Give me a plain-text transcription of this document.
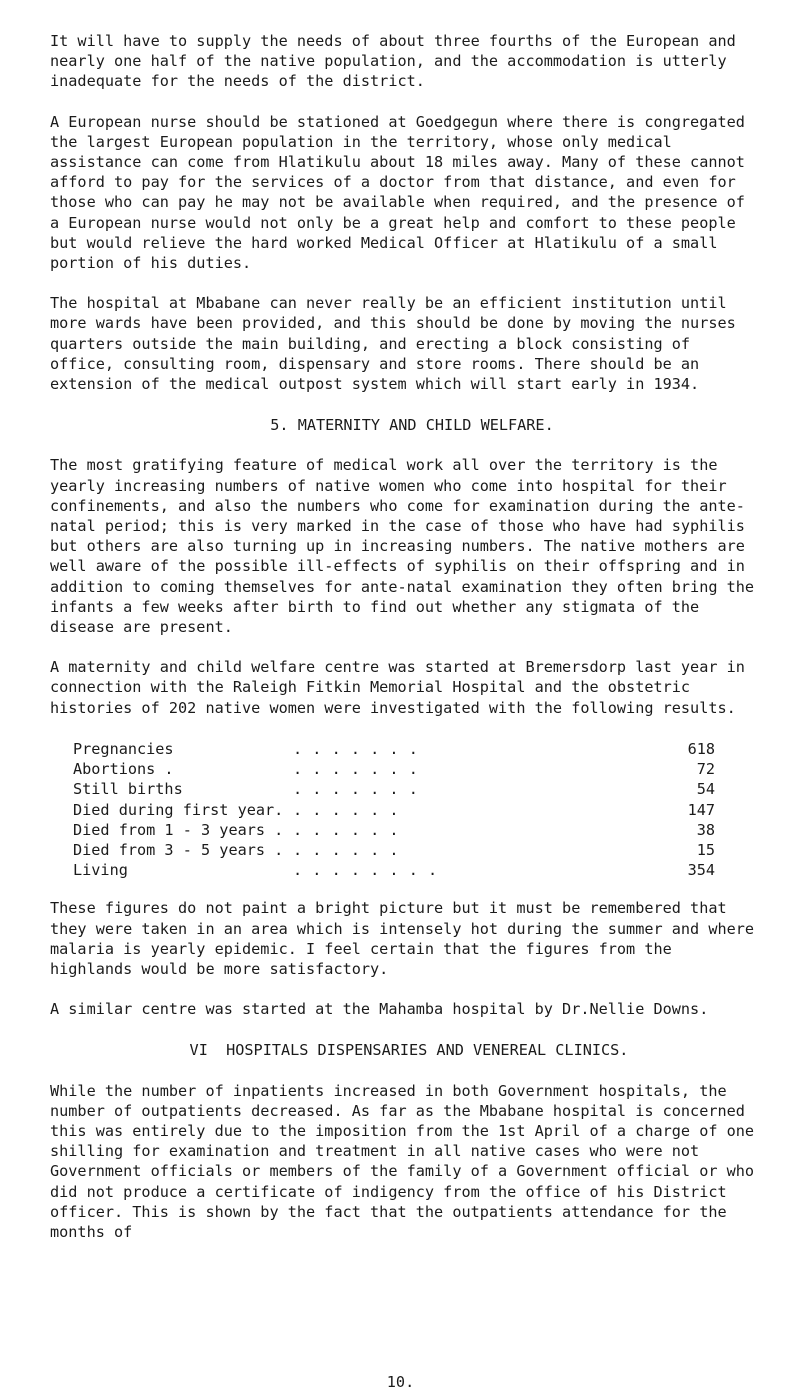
It will have to supply the needs of about three fourths of the European and nearly one half of the native population, and the accommodation is utterly inadequate for the needs of the district.

A European nurse should be stationed at Goedgegun where there is congregated the largest European population in the territory, whose only medical assistance can come from Hlatikulu about 18 miles away. Many of these cannot afford to pay for the services of a doctor from that distance, and even for those who can pay he may not be available when required, and the presence of a European nurse would not only be a great help and comfort to these people but would relieve the hard worked Medical Officer at Hlatikulu of a small portion of his duties.

The hospital at Mbabane can never really be an efficient institution until more wards have been provided, and this should be done by moving the nurses quarters outside the main building, and erecting a block consisting of office, consulting room, dispensary and store rooms. There should be an extension of the medical outpost system which will start early in 1934.

5. MATERNITY AND CHILD WELFARE.

The most gratifying feature of medical work all over the territory is the yearly increasing numbers of native women who come into hospital for their confinements, and also the numbers who come for examination during the ante-natal period; this is very marked in the case of those who have had syphilis but others are also turning up in increasing numbers. The native mothers are well aware of the possible ill-effects of syphilis on their offspring and in addition to coming themselves for ante-natal examination they often bring the infants a few weeks after birth to find out whether any stigmata of the disease are present.

A maternity and child welfare centre was started at Bremersdorp last year in connection with the Raleigh Fitkin Memorial Hospital and the obstetric histories of 202 native women were investigated with the following results.

Pregnancies	. . . . . . .	618
Abortions .	. . . . . . .	72
Still births	. . . . . . .	54
Died during first year.	. . . . . .	147
Died from 1 - 3 years .	. . . . . .	38
Died from 3 - 5 years .	. . . . . .	15
Living	. . . . . . . .	354

These figures do not paint a bright picture but it must be remembered that they were taken in an area which is intensely hot during the summer and where malaria is yearly epidemic. I feel certain that the figures from the highlands would be more satisfactory.

A similar centre was started at the Mahamba hospital by Dr.Nellie Downs.

VI  HOSPITALS DISPENSARIES AND VENEREAL CLINICS.

While the number of inpatients increased in both Government hospitals, the number of outpatients decreased. As far as the Mbabane hospital is concerned this was entirely due to the imposition from the 1st April of a charge of one shilling for examination and treatment in all native cases who were not Government officials or members of the family of a Government official or who did not produce a certificate of indigency from the office of his District officer. This is shown by the fact that the outpatients attendance for the months of

10.
